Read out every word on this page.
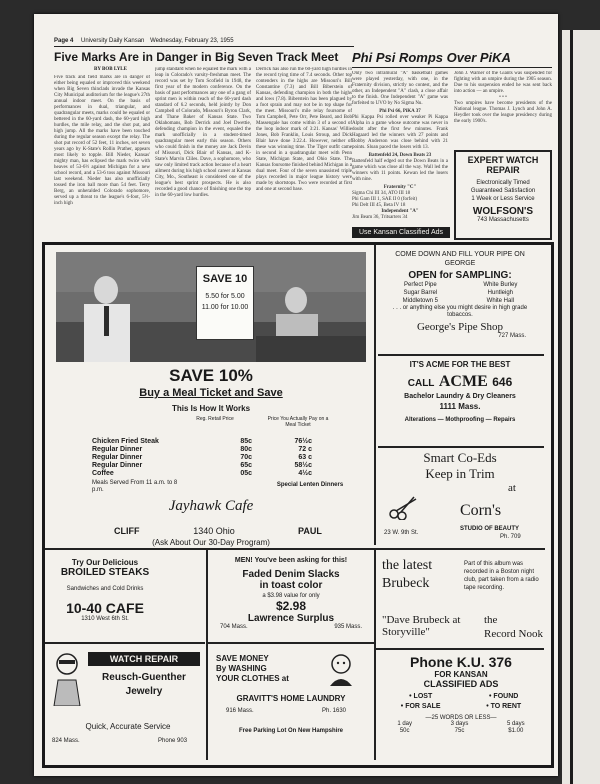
Page 4 University Daily Kansan Wednesday, February 23, 1955
Five Marks Are in Danger in Big Seven Track Meet
BY BOB LYLE
Five track and field marks are in danger of either being equaled or improved this weekend when Big Seven thinclads invade the Kansas City Municipal auditorium for the league's 27th annual indoor meet. On the basis of performances in dual, triangular, and quadrangular meets, marks could be equaled or bettered in the 60-yard dash, the 60-yard high hurdles, the mile relay, and the shot put, and high jump. All the marks have been touched during the regular season except the relay. The shot put record of 52 feet, 11 inches, set seven years ago by K-State's Rollin Prather, appears most likely to topple. Bill Nieder, Kansas' mighty man, has eclipsed the mark twice with heaves of 53-6½ against Michigan for a new school record, and a 53-6 toss against Missouri last weekend. Nieder has also unofficially tossed the iron ball more than 54 feet. Terry Berg, an unheralded Colorado sophomore, served up a threat to the league's 6-foot, 5½-inch high
jump standard when he equaled the mark with a leap in Colorado's varsity-freshman meet. The record was set by Tom Scofield in 1948, the first year of the modern conference. On the basis of past performances any one of a gang of sprint men is within reach of the 60-yard dash standard of 6.2 seconds, held jointly by Don Campbell of Colorado, Missouri's Byron Clark, and Thane Baker of Kansas State. Two Oklahomans, Bob Derrick and Joel Dwettie, defending champion in the event, equaled the mark unofficially in a student-timed quadrangular meet early this season. Others who could finish in the money are Jack Devin of Missouri, Dick Blair of Kansas, and K-State's Marvin Cliles. Dave, a sophomore, who saw only limited track action because of a heart ailment during his high school career at Kansas City, Mo., Southeast is considered one of the league's best sprint prospects. He is also recorded a good chance of finishing one the top in the 60-yard low hurdles.
Derrick has also run the 60-yard high hurdles in the record tying time of 7.4 seconds. Other top contenders in the highs are Missouri's Bill Constantine (7.3) and Bill Biberstein of Kansas, defending champion in both the highs and lows (7.8). Biberstein has been plagued by a foot sprain and may not be in top shape for the meet. Missouri's mile relay foursome of Tom Campbell, Pete Orr, Pete Beard, and Bob Massengale has come within 3 of a second of the loop indoor mark of 3:21. Kansas' Willie Jones, Bob Franklin, Louis Stroup, and Dick Blair have done 3:22.4. However, neither of these was winning time. The Tiger outfit came in second in a quadrangular meet with Penn State, Michigan State, and Ohio State. The Kansas foursome finished behind Michigan in a dual meet. Four of the seven unassisted triple plays recorded in major league history were made by shortstops. Two were recorded at first and one at second base.
Phi Psi Romps Over PiKA
Only two intramural "A" basketball games were played yesterday, with one, in the Fraternity division, strictly no contest, and the other, an Independent "A" clash, a close affair to the finish. One Independent "A" game was forfeited to UVO by No Sigma Nu.
Phi Psi 66, PiKA 37
Phi Kappa Psi rolled over weaker Pi Kappa Alpha in a game whose outcome was never in doubt after the first few minutes. Frank Hagaard led the winners with 27 points and Bobby Anderson was close behind with 21 points. Sloan paced the losers with 13.
Battenfeld 24, Down Beats 23
Battenfeld half edged out the Down Beats in a game which was close all the way. Wall led the winners with 11 points. Kewan led the losers with nine.
Fraternity "C"
Sigma Chi III 34, ATO III 18
Phi Gam III 1, SAE II 0 (forfeit)
Phi Delt III 45, Beta IV 18
Independent "A"
Jim Beam 36, Tritsarters 34
Use Kansan Classified Ads
John J. Warner of the Giants was suspended for fighting with an umpire during the 1905 season. Due to his suspension ended he was sent back into action — an umpire.
• • •
Two umpires have become presidents of the National league. Thomas J. Lynch and John A. Heydler took over the league presidency during the early 1900's.
EXPERT WATCH REPAIR
Electronically Timed
Guaranteed Satisfaction
1 Week or Less Service
WOLFSON'S
743 Massachusetts
SAVE 10
5.50 for 5.00 11.00 for 10.00
SAVE 10%
Buy a Meal Ticket and Save
This Is How It Works
Reg. Retail Price	Price You Actually Pay on a Meal Ticket
Chicken Fried Steak	85c	76½c
Regular Dinner	80c	72 c
Regular Dinner	70c	63 c
Regular Dinner	65c	58½c
Coffee	05c	4½c
Meals Served From 11 a.m. to 8 p.m.
Special Lenten Dinners
Jayhawk Cafe
CLIFF	1340 Ohio	PAUL
(Ask About Our 30-Day Program)
COME DOWN AND FILL YOUR PIPE ON GEORGE
OPEN for SAMPLING:
Perfect Pipe
Sugar Barrel
Middletown 5
White Burley
Huntleigh
White Hall
. . . or anything else you might desire in high grade tobaccos.
George's Pipe Shop
727 Mass.
IT'S ACME FOR THE BEST
CALL ACME 646
Bachelor Laundry & Dry Cleaners
1111 Mass.
Alterations — Mothproofing — Repairs
Smart Co-Eds
Keep in Trim
at
Corn's
23 W. 9th St.
STUDIO OF BEAUTY
Ph. 709
Try Our Delicious
BROILED STEAKS
Sandwiches and Cold Drinks
10-40 CAFE
1310 West 6th St.
WATCH REPAIR
Reusch-Guenther
Jewelry
Quick, Accurate Service
824 Mass.	Phone 903
MEN! You've been asking for this!
Faded Denim Slacks
in toast color
a $3.98 value for only
$2.98
Lawrence Surplus
704 Mass.	935 Mass.
SAVE MONEY
By WASHING
YOUR CLOTHES at
GRAVITT'S HOME LAUNDRY
916 Mass.	Ph. 1630
Free Parking Lot On New Hampshire
the latest
Brubeck
Part of this album was recorded in a Boston night club, part taken from a radio tape recording.
"Dave Brubeck at Storyville"
the
Record Nook
Phone K.U. 376
FOR KANSAN
CLASSIFIED ADS
• LOST
• FOR SALE
• FOUND
• TO RENT
—25 WORDS OR LESS—
1 day
50c
3 days
75c
5 days
$1.00
